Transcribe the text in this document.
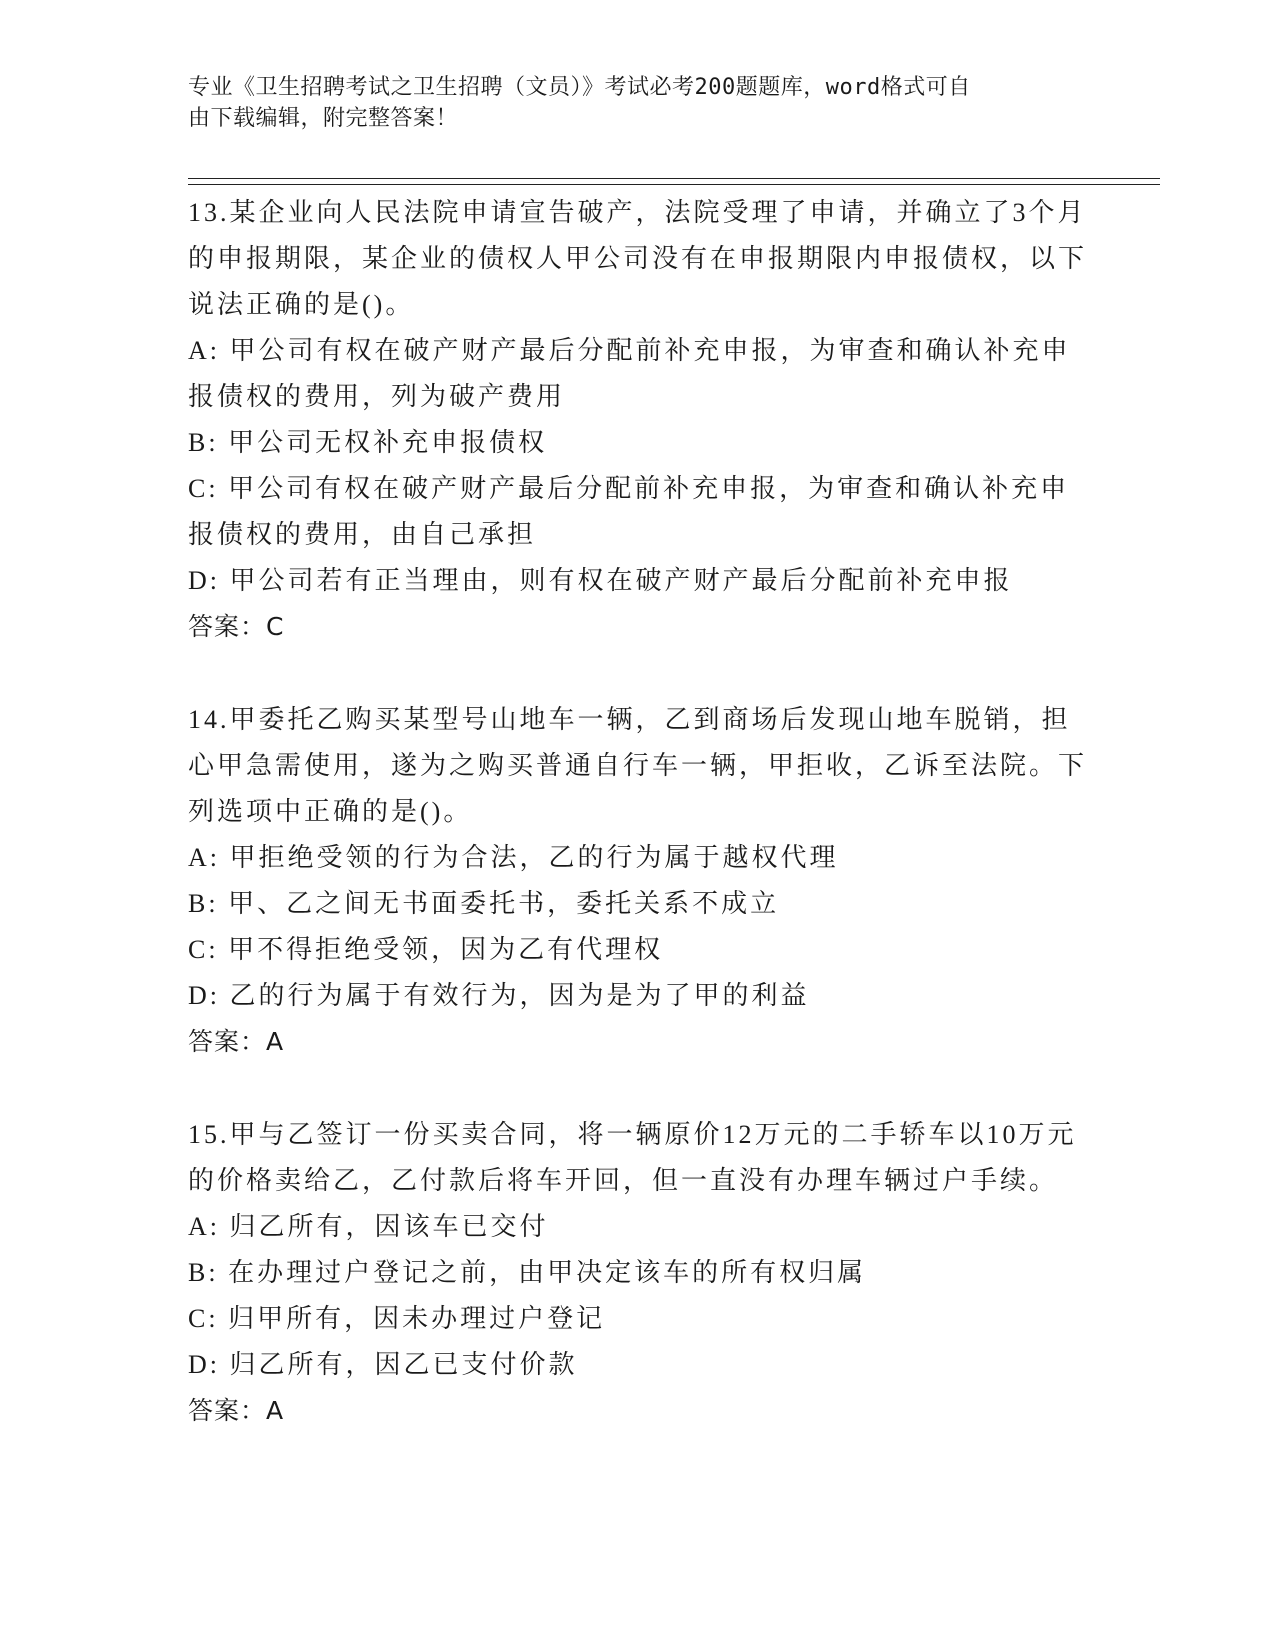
专业《卫生招聘考试之卫生招聘（文员）》考试必考200题题库，word格式可自
由下载编辑，附完整答案！

13.某企业向人民法院申请宣告破产，法院受理了申请，并确立了3个月的申报期限，某企业的债权人甲公司没有在申报期限内申报债权，以下说法正确的是()。

A: 甲公司有权在破产财产最后分配前补充申报，为审查和确认补充申报债权的费用，列为破产费用

B: 甲公司无权补充申报债权

C: 甲公司有权在破产财产最后分配前补充申报，为审查和确认补充申报债权的费用，由自己承担

D: 甲公司若有正当理由，则有权在破产财产最后分配前补充申报

答案：C

14.甲委托乙购买某型号山地车一辆，乙到商场后发现山地车脱销，担心甲急需使用，遂为之购买普通自行车一辆，甲拒收，乙诉至法院。下列选项中正确的是()。

A: 甲拒绝受领的行为合法，乙的行为属于越权代理

B: 甲、乙之间无书面委托书，委托关系不成立

C: 甲不得拒绝受领，因为乙有代理权

D: 乙的行为属于有效行为，因为是为了甲的利益

答案：A

15.甲与乙签订一份买卖合同，将一辆原价12万元的二手轿车以10万元的价格卖给乙，乙付款后将车开回，但一直没有办理车辆过户手续。

A: 归乙所有，因该车已交付

B: 在办理过户登记之前，由甲决定该车的所有权归属

C: 归甲所有，因未办理过户登记

D: 归乙所有，因乙已支付价款

答案：A
